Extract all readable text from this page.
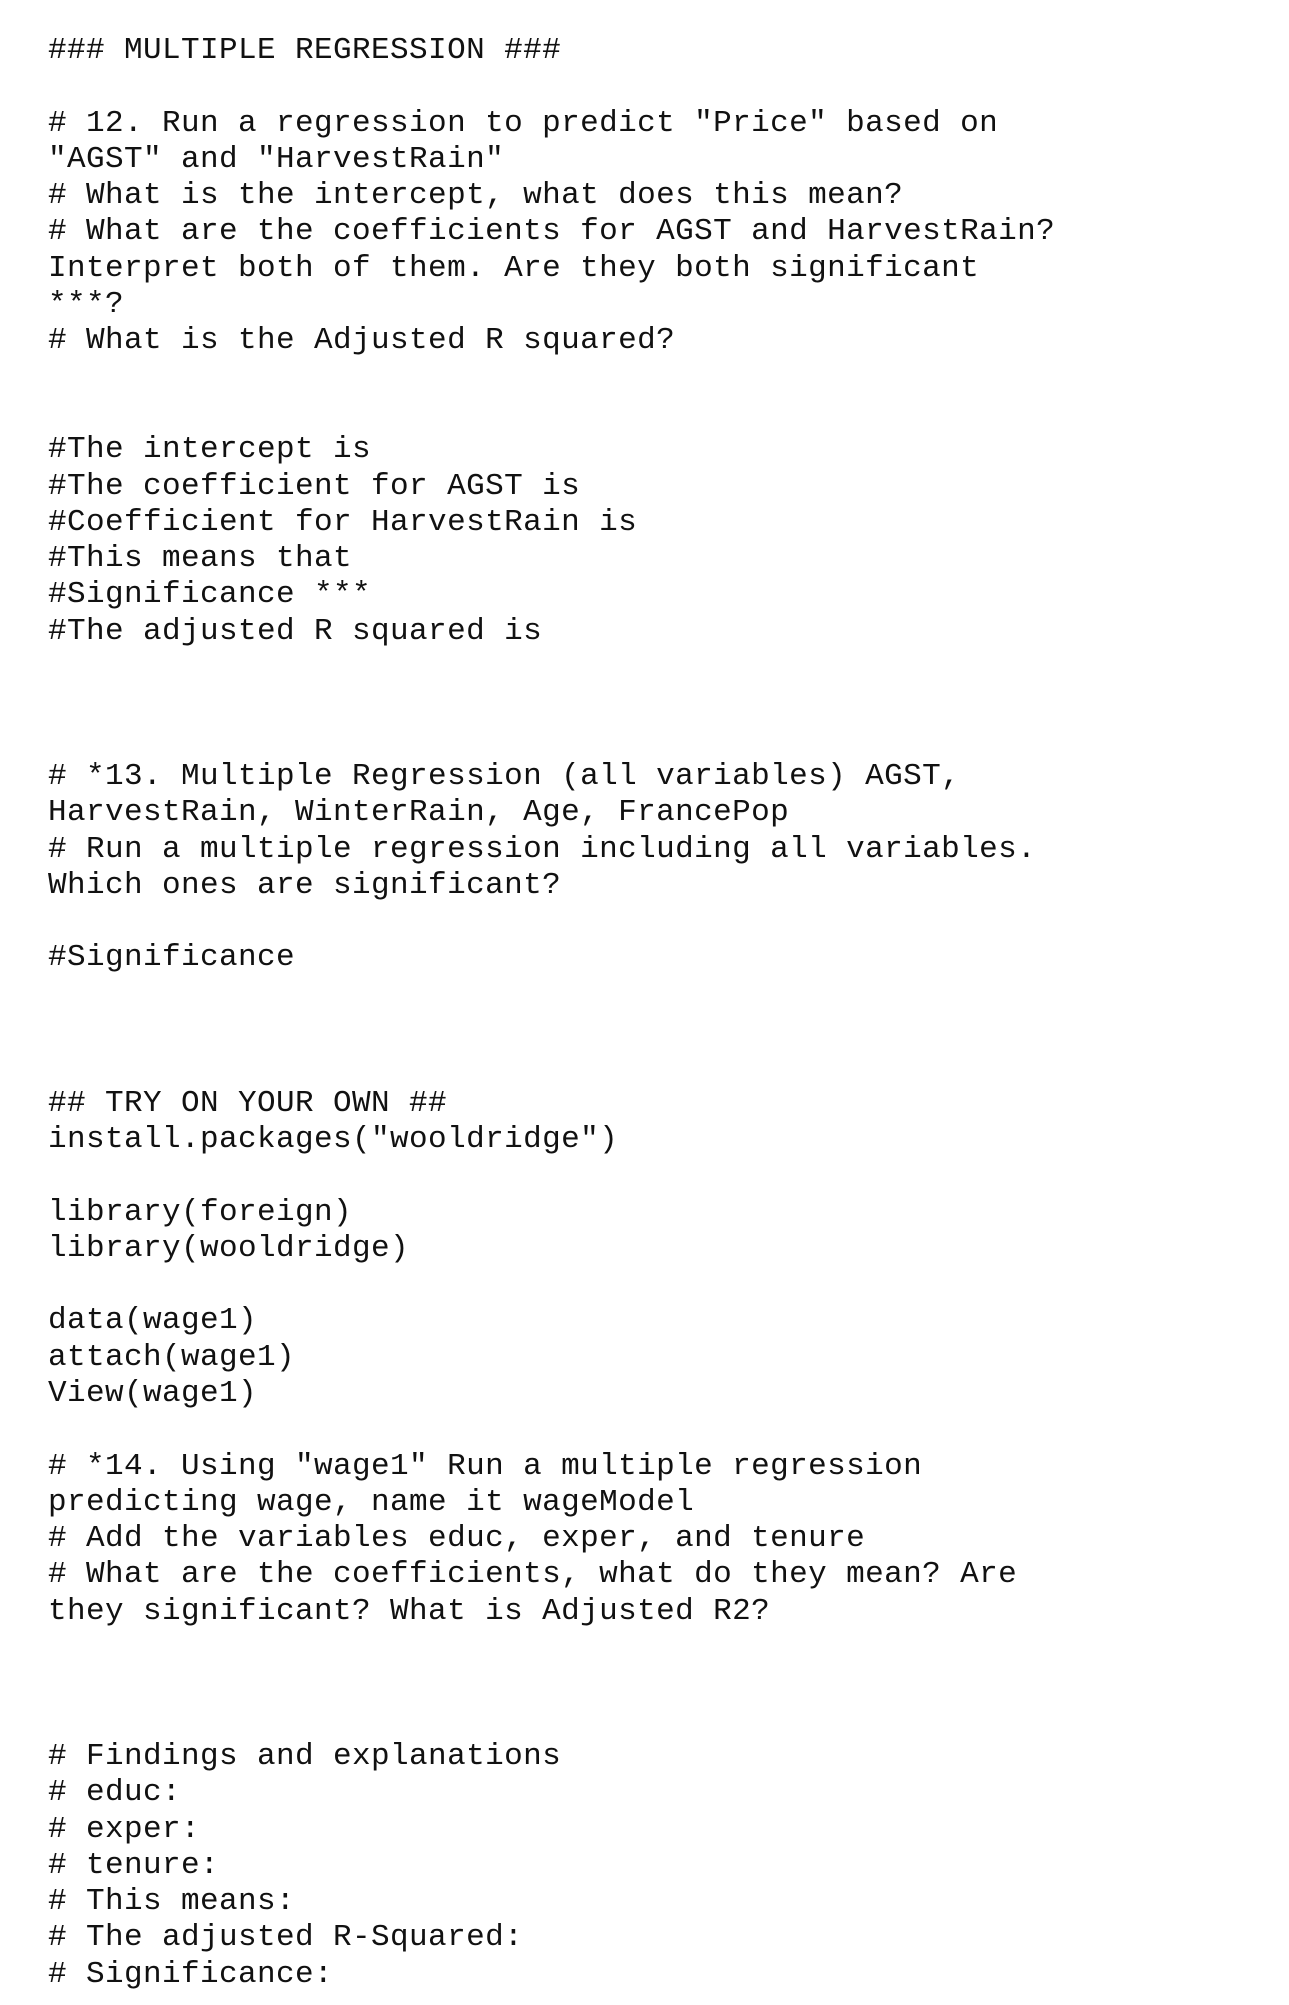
### MULTIPLE REGRESSION ###
# 12. Run a regression to predict "Price" based on
"AGST" and "HarvestRain"
# What is the intercept, what does this mean?
# What are the coefficients for AGST and HarvestRain?
Interpret both of them. Are they both significant
***?
# What is the Adjusted R squared?
#The intercept is
#The coefficient for AGST is
#Coefficient for HarvestRain is
#This means that
#Significance ***
#The adjusted R squared is
# *13. Multiple Regression (all variables) AGST,
HarvestRain, WinterRain, Age, FrancePop
# Run a multiple regression including all variables.
Which ones are significant?
#Significance
## TRY ON YOUR OWN ##
install.packages("wooldridge")
library(foreign)
library(wooldridge)
data(wage1)
attach(wage1)
View(wage1)
# *14. Using "wage1" Run a multiple regression
predicting wage, name it wageModel
# Add the variables educ, exper, and tenure
# What are the coefficients, what do they mean? Are
they significant? What is Adjusted R2?
# Findings and explanations
# educ:
# exper:
# tenure:
# This means:
# The adjusted R-Squared:
# Significance:
